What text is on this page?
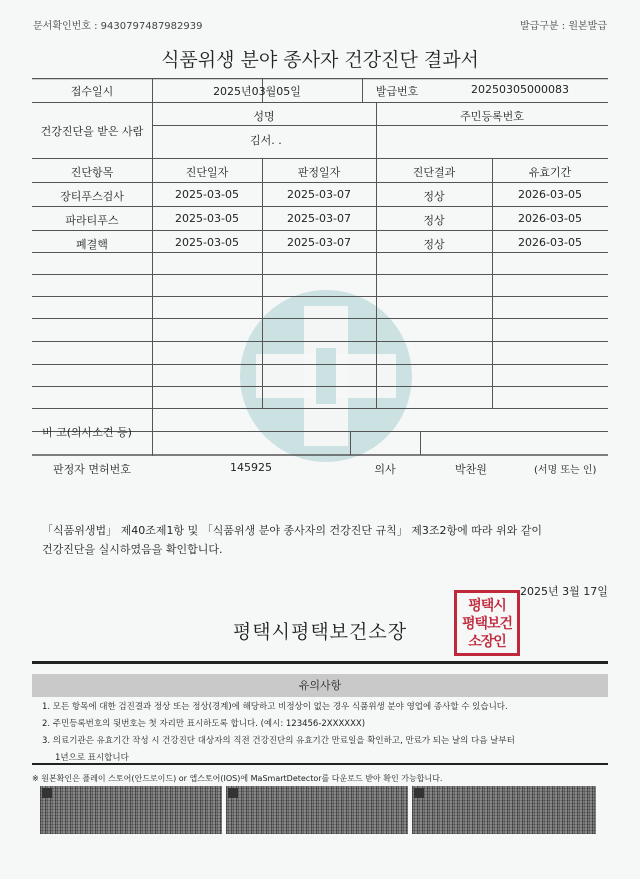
문서확인번호 : 9430797487982939	발급구분 : 원본발급
식품위생 분야 종사자 건강진단 결과서
접수일시	2025년03월05일	발급번호	20250305000083
건강진단을 받은 사람
성명	주민등록번호
김서. .
진단항목	진단일자	판정일자	진단결과	유효기간
장티푸스검사	2025-03-05	2025-03-07	정상	2026-03-05
파라티푸스	2025-03-05	2025-03-07	정상	2026-03-05
폐결핵	2025-03-05	2025-03-07	정상	2026-03-05
비 고(의사소견 등)
판정자 면허번호	145925	의사	박찬원	(서명 또는 인)
「식품위생법」 제40조제1항 및 「식품위생 분야 종사자의 건강진단 규칙」 제3조2항에 따라 위와 같이
건강진단을 실시하였음을 확인합니다.
2025년 3월 17일
평택시평택보건소장
평택시
평택보건
소장인
유의사항
1. 모든 항목에 대한 검진결과 정상 또는 정상(경계)에 해당하고 비정상이 없는 경우 식품위생 분야 영업에 종사할 수 있습니다.
2. 주민등록번호의 뒷번호는 첫 자리만 표시하도록 합니다. (예시: 123456-2XXXXXX)
3. 의료기관은 유효기간 작성 시 건강진단 대상자의 직전 건강진단의 유효기간 만료일을 확인하고, 만료가 되는 날의 다음 날부터
1년으로 표시합니다
※ 원본확인은 플레이 스토어(안드로이드) or 앱스토어(IOS)에 MaSmartDetector를 다운로드 받아 확인 가능합니다.
